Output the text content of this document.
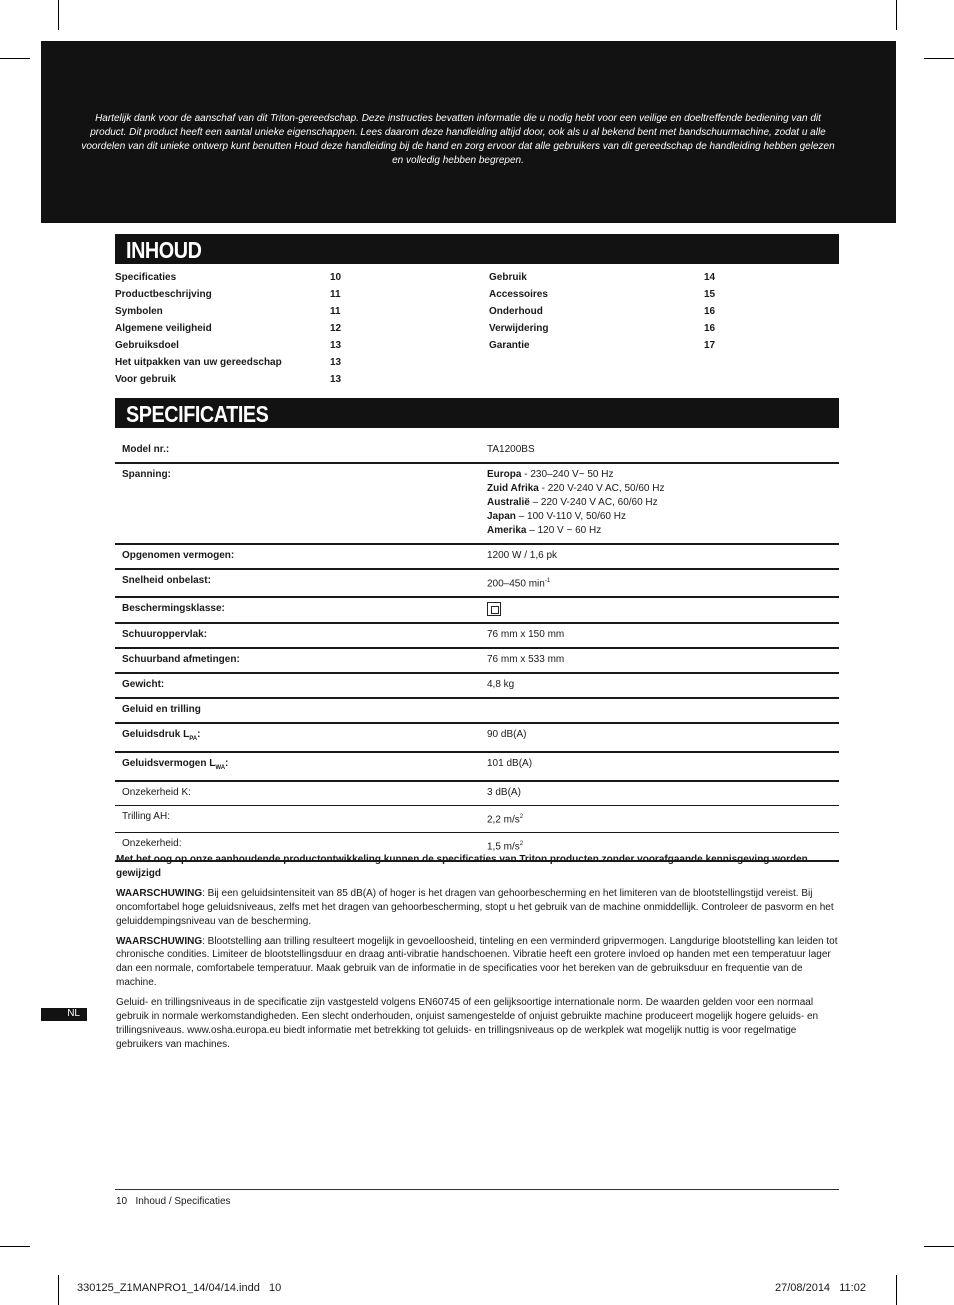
Hartelijk dank voor de aanschaf van dit Triton-gereedschap. Deze instructies bevatten informatie die u nodig hebt voor een veilige en doeltreffende bediening van dit product. Dit product heeft een aantal unieke eigenschappen. Lees daarom deze handleiding altijd door, ook als u al bekend bent met bandschuurmachine, zodat u alle voordelen van dit unieke ontwerp kunt benutten Houd deze handleiding bij de hand en zorg ervoor dat alle gebruikers van dit gereedschap de handleiding hebben gelezen en volledig hebben begrepen.
INHOUD
Specificaties	10
Productbeschrijving	11
Symbolen	11
Algemene veiligheid	12
Gebruiksdoel	13
Het uitpakken van uw gereedschap	13
Voor gebruik	13
Gebruik	14
Accessoires	15
Onderhoud	16
Verwijdering	16
Garantie	17
SPECIFICATIES
Model nr.:	TA1200BS
Spanning:	Europa - 230–240 V~ 50 Hz
Zuid Afrika - 220 V-240 V AC, 50/60 Hz
Australië – 220 V-240 V AC, 60/60 Hz
Japan – 100 V-110 V, 50/60 Hz
Amerika – 120 V ~ 60 Hz

Opgenomen vermogen:	1200 W / 1,6 pk
Snelheid onbelast:	200–450 $\min^{-1}$
Beschermingsklasse:	
Schuuroppervlak:	76 mm x 150 mm
Schuurband afmetingen:	76 mm x 533 mm
Gewicht:	4,8 kg
Geluid en trilling	
Geluidsdruk $L_{PA}$:	90 dB(A)
Geluidsvermogen $L_{WA}$:	101 dB(A)
Onzekerheid K:	3 dB(A)
Trilling AH:	2,2 $m/s^2$
Onzekerheid:	1,5 $m/s^2$

Met het oog op onze aanhoudende productontwikkeling kunnen de specificaties van Triton producten zonder voorafgaande kennisgeving worden gewijzigd

WAARSCHUWING: Bij een geluidsintensiteit van 85 dB(A) of hoger is het dragen van gehoorbescherming en het limiteren van de blootstellingstijd vereist. Bij oncomfortabel hoge geluidsniveaus, zelfs met het dragen van gehoorbescherming, stopt u het gebruik van de machine onmiddellijk. Controleer de pasvorm en het geluiddempingsniveau van de bescherming.

WAARSCHUWING: Blootstelling aan trilling resulteert mogelijk in gevoelloosheid, tinteling en een verminderd gripvermogen. Langdurige blootstelling kan leiden tot chronische condities. Limiteer de blootstellingsduur en draag anti-vibratie handschoenen. Vibratie heeft een grotere invloed op handen met een temperatuur lager dan een normale, comfortabele temperatuur. Maak gebruik van de informatie in de specificaties voor het bereken van de gebruiksduur en frequentie van de machine.

Geluid- en trillingsniveaus in de specificatie zijn vastgesteld volgens EN60745 of een gelijksoortige internationale norm. De waarden gelden voor een normaal gebruik in normale werkomstandigheden. Een slecht onderhouden, onjuist samengestelde of onjuist gebruikte machine produceert mogelijk hogere geluids- en trillingsniveaus. www.osha.europa.eu biedt informatie met betrekking tot geluids- en trillingsniveaus op de werkplek wat mogelijk nuttig is voor regelmatige gebruikers van machines.

NL
10   Inhoud / Specificaties
330125_Z1MANPRO1_14/04/14.indd   10	27/08/2014   11:02
